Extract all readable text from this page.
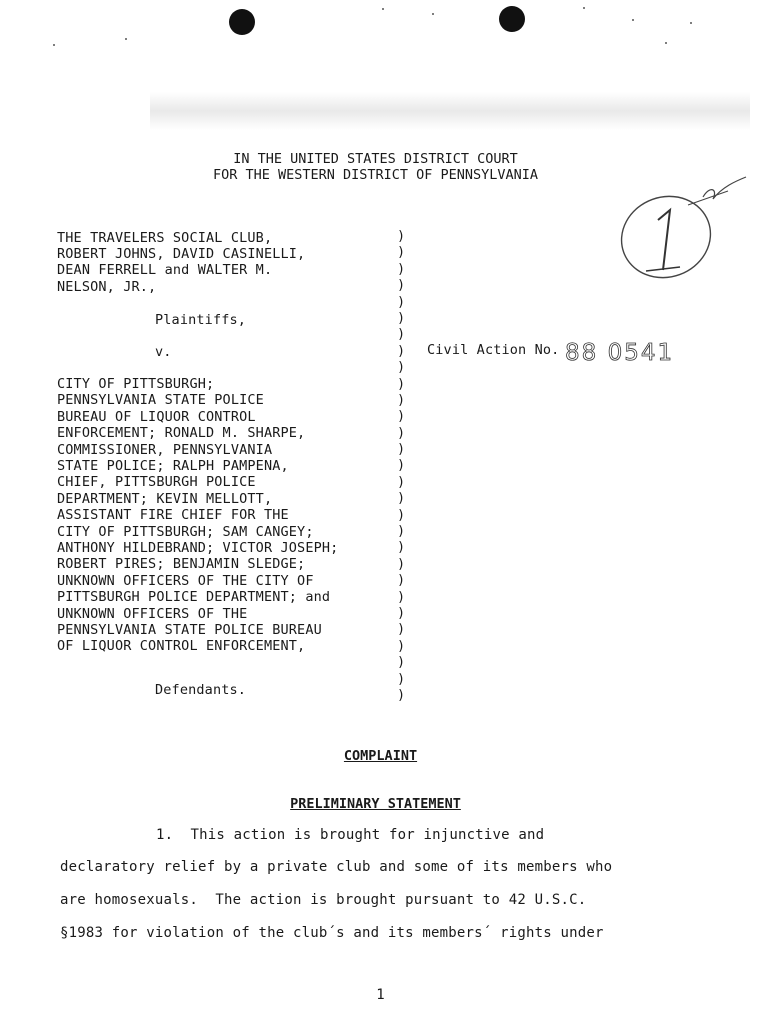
IN THE UNITED STATES DISTRICT COURT
FOR THE WESTERN DISTRICT OF PENNSYLVANIA
THE TRAVELERS SOCIAL CLUB,
ROBERT JOHNS, DAVID CASINELLI,
DEAN FERRELL and WALTER M.
NELSON, JR.,
Plaintiffs,
v.
CITY OF PITTSBURGH;
PENNSYLVANIA STATE POLICE
BUREAU OF LIQUOR CONTROL
ENFORCEMENT; RONALD M. SHARPE,
COMMISSIONER, PENNSYLVANIA
STATE POLICE; RALPH PAMPENA,
CHIEF, PITTSBURGH POLICE
DEPARTMENT; KEVIN MELLOTT,
ASSISTANT FIRE CHIEF FOR THE
CITY OF PITTSBURGH; SAM CANGEY;
ANTHONY HILDEBRAND; VICTOR JOSEPH;
ROBERT PIRES; BENJAMIN SLEDGE;
UNKNOWN OFFICERS OF THE CITY OF
PITTSBURGH POLICE DEPARTMENT; and
UNKNOWN OFFICERS OF THE
PENNSYLVANIA STATE POLICE BUREAU
OF LIQUOR CONTROL ENFORCEMENT,
Defendants.
)
)
)
)
)
)
)
)
)
)
)
)
)
)
)
)
)
)
)
)
)
)
)
)
)
)
)
)
)
Civil Action No. 88 0541
COMPLAINT
PRELIMINARY STATEMENT
1.  This action is brought for injunctive and
declaratory relief by a private club and some of its members who
are homosexuals.  The action is brought pursuant to 42 U.S.C.
§1983 for violation of the club´s and its members´ rights under
1
